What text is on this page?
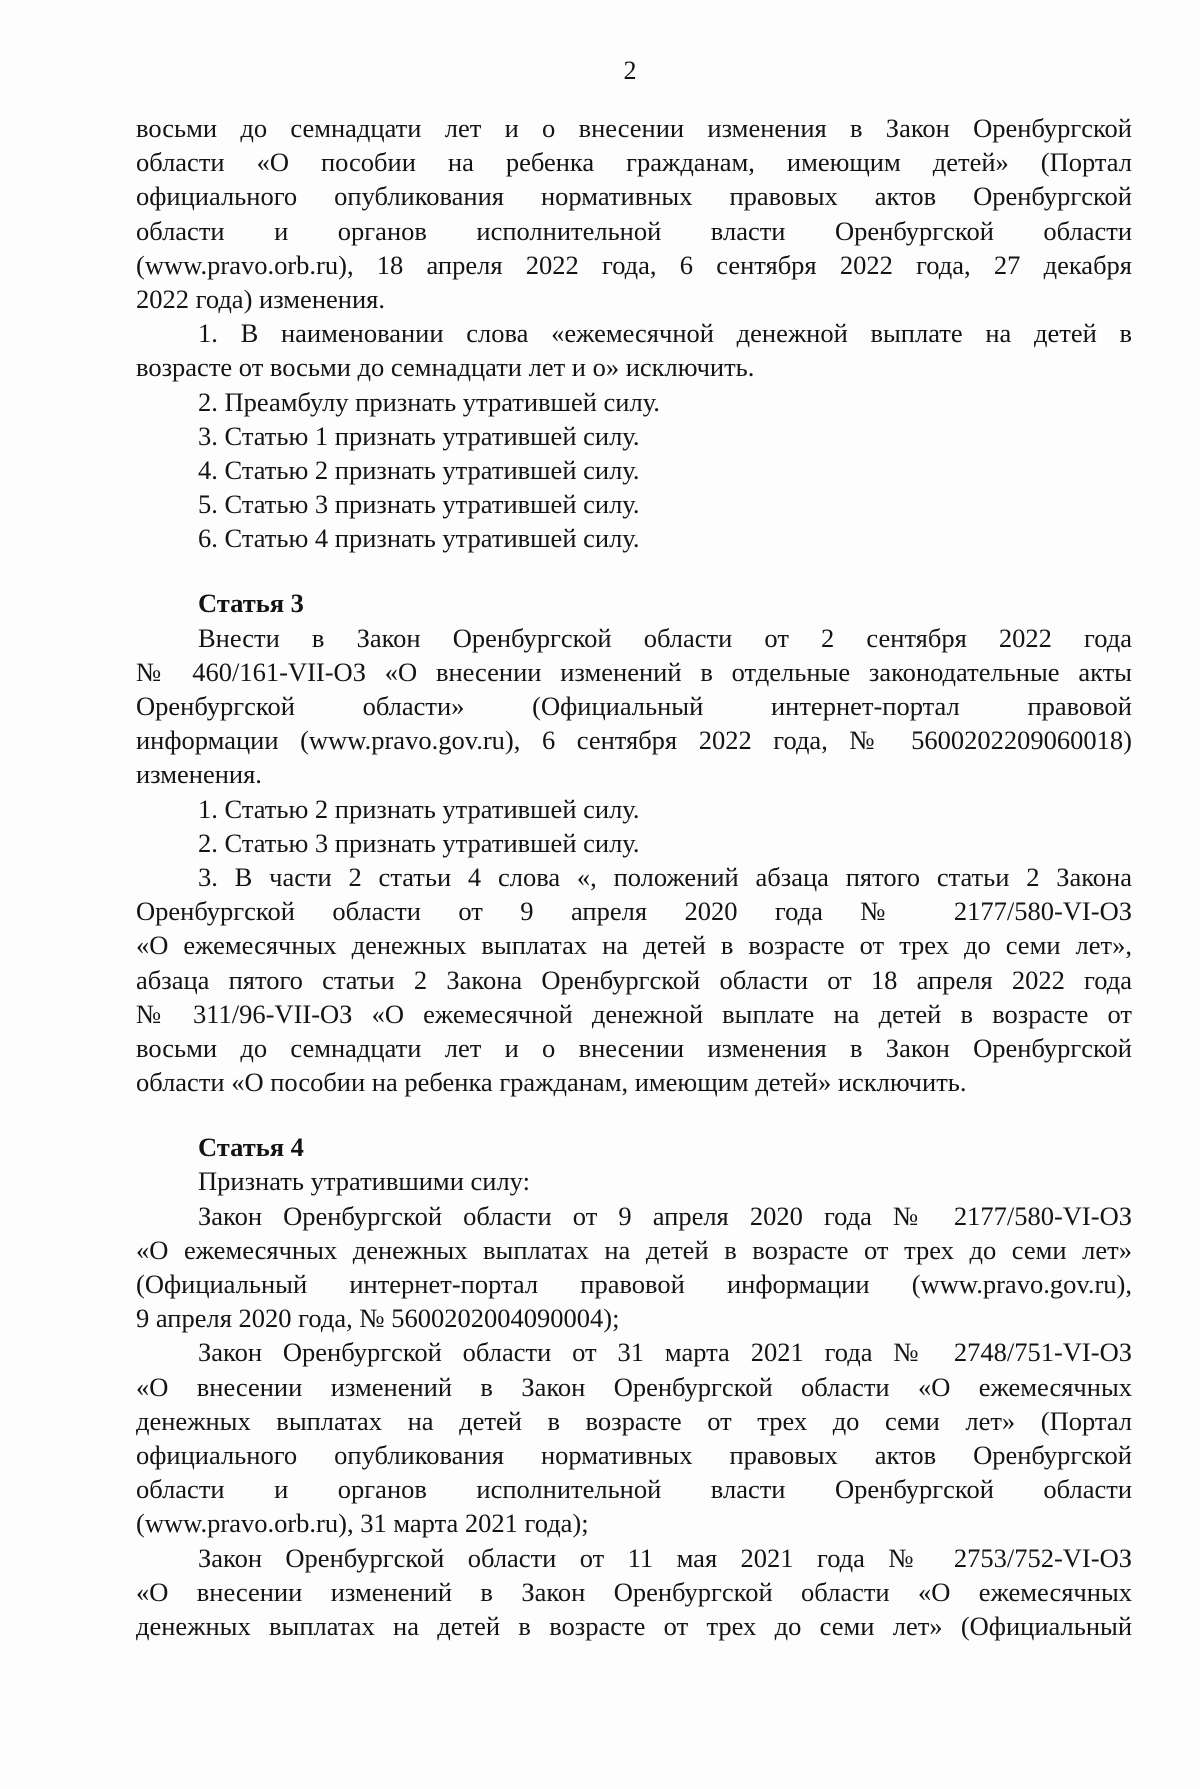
2
восьми до семнадцати лет и о внесении изменения в Закон Оренбургской
области «О пособии на ребенка гражданам, имеющим детей» (Портал
официального опубликования нормативных правовых актов Оренбургской
области и органов исполнительной власти Оренбургской области
(www.pravo.orb.ru), 18 апреля 2022 года, 6 сентября 2022 года, 27 декабря
2022 года) изменения.
1. В наименовании слова «ежемесячной денежной выплате на детей в
возрасте от восьми до семнадцати лет и о» исключить.
2. Преамбулу признать утратившей силу.
3. Статью 1 признать утратившей силу.
4. Статью 2 признать утратившей силу.
5. Статью 3 признать утратившей силу.
6. Статью 4 признать утратившей силу.
Статья 3
Внести в Закон Оренбургской области от 2 сентября 2022 года
№ 460/161-VII-ОЗ «О внесении изменений в отдельные законодательные акты
Оренбургской области» (Официальный интернет-портал правовой
информации (www.pravo.gov.ru), 6 сентября 2022 года, № 5600202209060018)
изменения.
1. Статью 2 признать утратившей силу.
2. Статью 3 признать утратившей силу.
3. В части 2 статьи 4 слова «, положений абзаца пятого статьи 2 Закона
Оренбургской области от 9 апреля 2020 года № 2177/580-VI-ОЗ
«О ежемесячных денежных выплатах на детей в возрасте от трех до семи лет»,
абзаца пятого статьи 2 Закона Оренбургской области от 18 апреля 2022 года
№ 311/96-VII-ОЗ «О ежемесячной денежной выплате на детей в возрасте от
восьми до семнадцати лет и о внесении изменения в Закон Оренбургской
области «О пособии на ребенка гражданам, имеющим детей» исключить.
Статья 4
Признать утратившими силу:
Закон Оренбургской области от 9 апреля 2020 года № 2177/580-VI-ОЗ
«О ежемесячных денежных выплатах на детей в возрасте от трех до семи лет»
(Официальный интернет-портал правовой информации (www.pravo.gov.ru),
9 апреля 2020 года, № 5600202004090004);
Закон Оренбургской области от 31 марта 2021 года № 2748/751-VI-ОЗ
«О внесении изменений в Закон Оренбургской области «О ежемесячных
денежных выплатах на детей в возрасте от трех до семи лет» (Портал
официального опубликования нормативных правовых актов Оренбургской
области и органов исполнительной власти Оренбургской области
(www.pravo.orb.ru), 31 марта 2021 года);
Закон Оренбургской области от 11 мая 2021 года № 2753/752-VI-ОЗ
«О внесении изменений в Закон Оренбургской области «О ежемесячных
денежных выплатах на детей в возрасте от трех до семи лет» (Официальный
